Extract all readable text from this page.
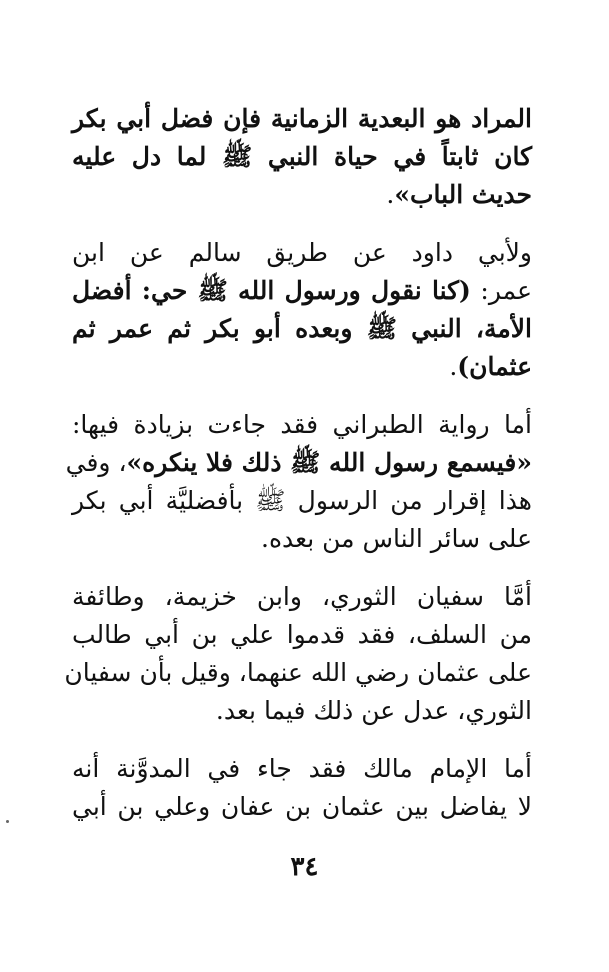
المراد هو البعدية الزمانية فإن فضل أبي بكر
كان ثابتاً في حياة النبي ﷺ لما دل عليه
حديث الباب».
ولأبي داود عن طريق سالم عن ابن
عمر: (كنا نقول ورسول الله ﷺ حي: أفضل
الأمة، النبي ﷺ وبعده أبو بكر ثم عمر ثم
عثمان).
أما رواية الطبراني فقد جاءت بزيادة فيها:
«فيسمع رسول الله ﷺ ذلك فلا ينكره»، وفي
هذا إقرار من الرسول ﷺ بأفضليَّة أبي بكر
على سائر الناس من بعده.
أمَّا سفيان الثوري، وابن خزيمة، وطائفة
من السلف، فقد قدموا علي بن أبي طالب
على عثمان رضي الله عنهما، وقيل بأن سفيان
الثوري، عدل عن ذلك فيما بعد.
أما الإمام مالك فقد جاء في المدوَّنة أنه
لا يفاضل بين عثمان بن عفان وعلي بن أبي
٣٤
